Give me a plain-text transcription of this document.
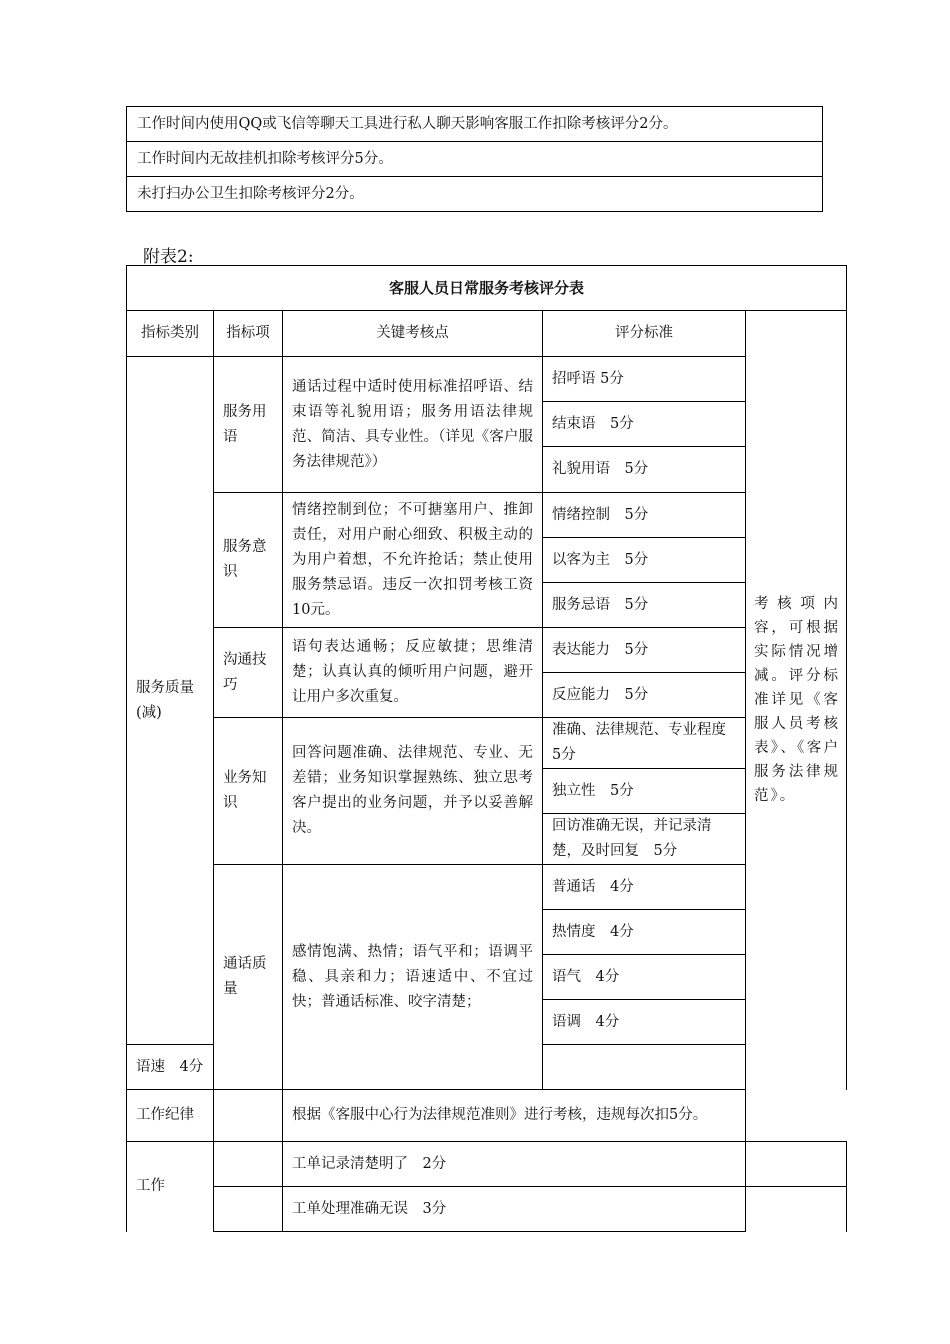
工作时间内使用QQ或飞信等聊天工具进行私人聊天影响客服工作扣除考核评分2分。
工作时间内无故挂机扣除考核评分5分。
未打扫办公卫生扣除考核评分2分。
附表2:
客服人员日常服务考核评分表				
指标类别	指标项	关键考核点	评分标准	考核项内容，可根据实际情况增减。评分标准详见《客服人员考核表》、《客户服务法律规范》。
服务质量(减)	服务用语	通话过程中适时使用标准招呼语、结束语等礼貌用语；服务用语法律规范、简洁、具专业性。（详见《客户服务法律规范》）	招呼语 5分	
			结束语　5分	
			礼貌用语　5分	
	服务意识	情绪控制到位；不可搪塞用户、推卸责任，对用户耐心细致、积极主动的为用户着想，不允许抢话；禁止使用服务禁忌语。违反一次扣罚考核工资10元。	情绪控制　5分	
			以客为主　5分	
			服务忌语　5分	
	沟通技巧	语句表达通畅；反应敏捷；思维清楚；认真认真的倾听用户问题，避开让用户多次重复。	表达能力　5分	
			反应能力　5分	
	业务知识	回答问题准确、法律规范、专业、无差错；业务知识掌握熟练、独立思考客户提出的业务问题，并予以妥善解决。	准确、法律规范、专业程度　5分	
			独立性　5分	
			回访准确无误，并记录清楚，及时回复　5分	
	通话质量	感情饱满、热情；语气平和；语调平稳、具亲和力；语速适中、不宜过快；普通话标准、咬字清楚；	普通话　4分	
			热情度　4分	
			语气　4分	
			语调　4分	
语速　4分				
工作纪律		根据《客服中心行为法律规范准则》进行考核，违规每次扣5分。		
工作		工单记录清楚明了　2分		
		工单处理准确无误　3分		
